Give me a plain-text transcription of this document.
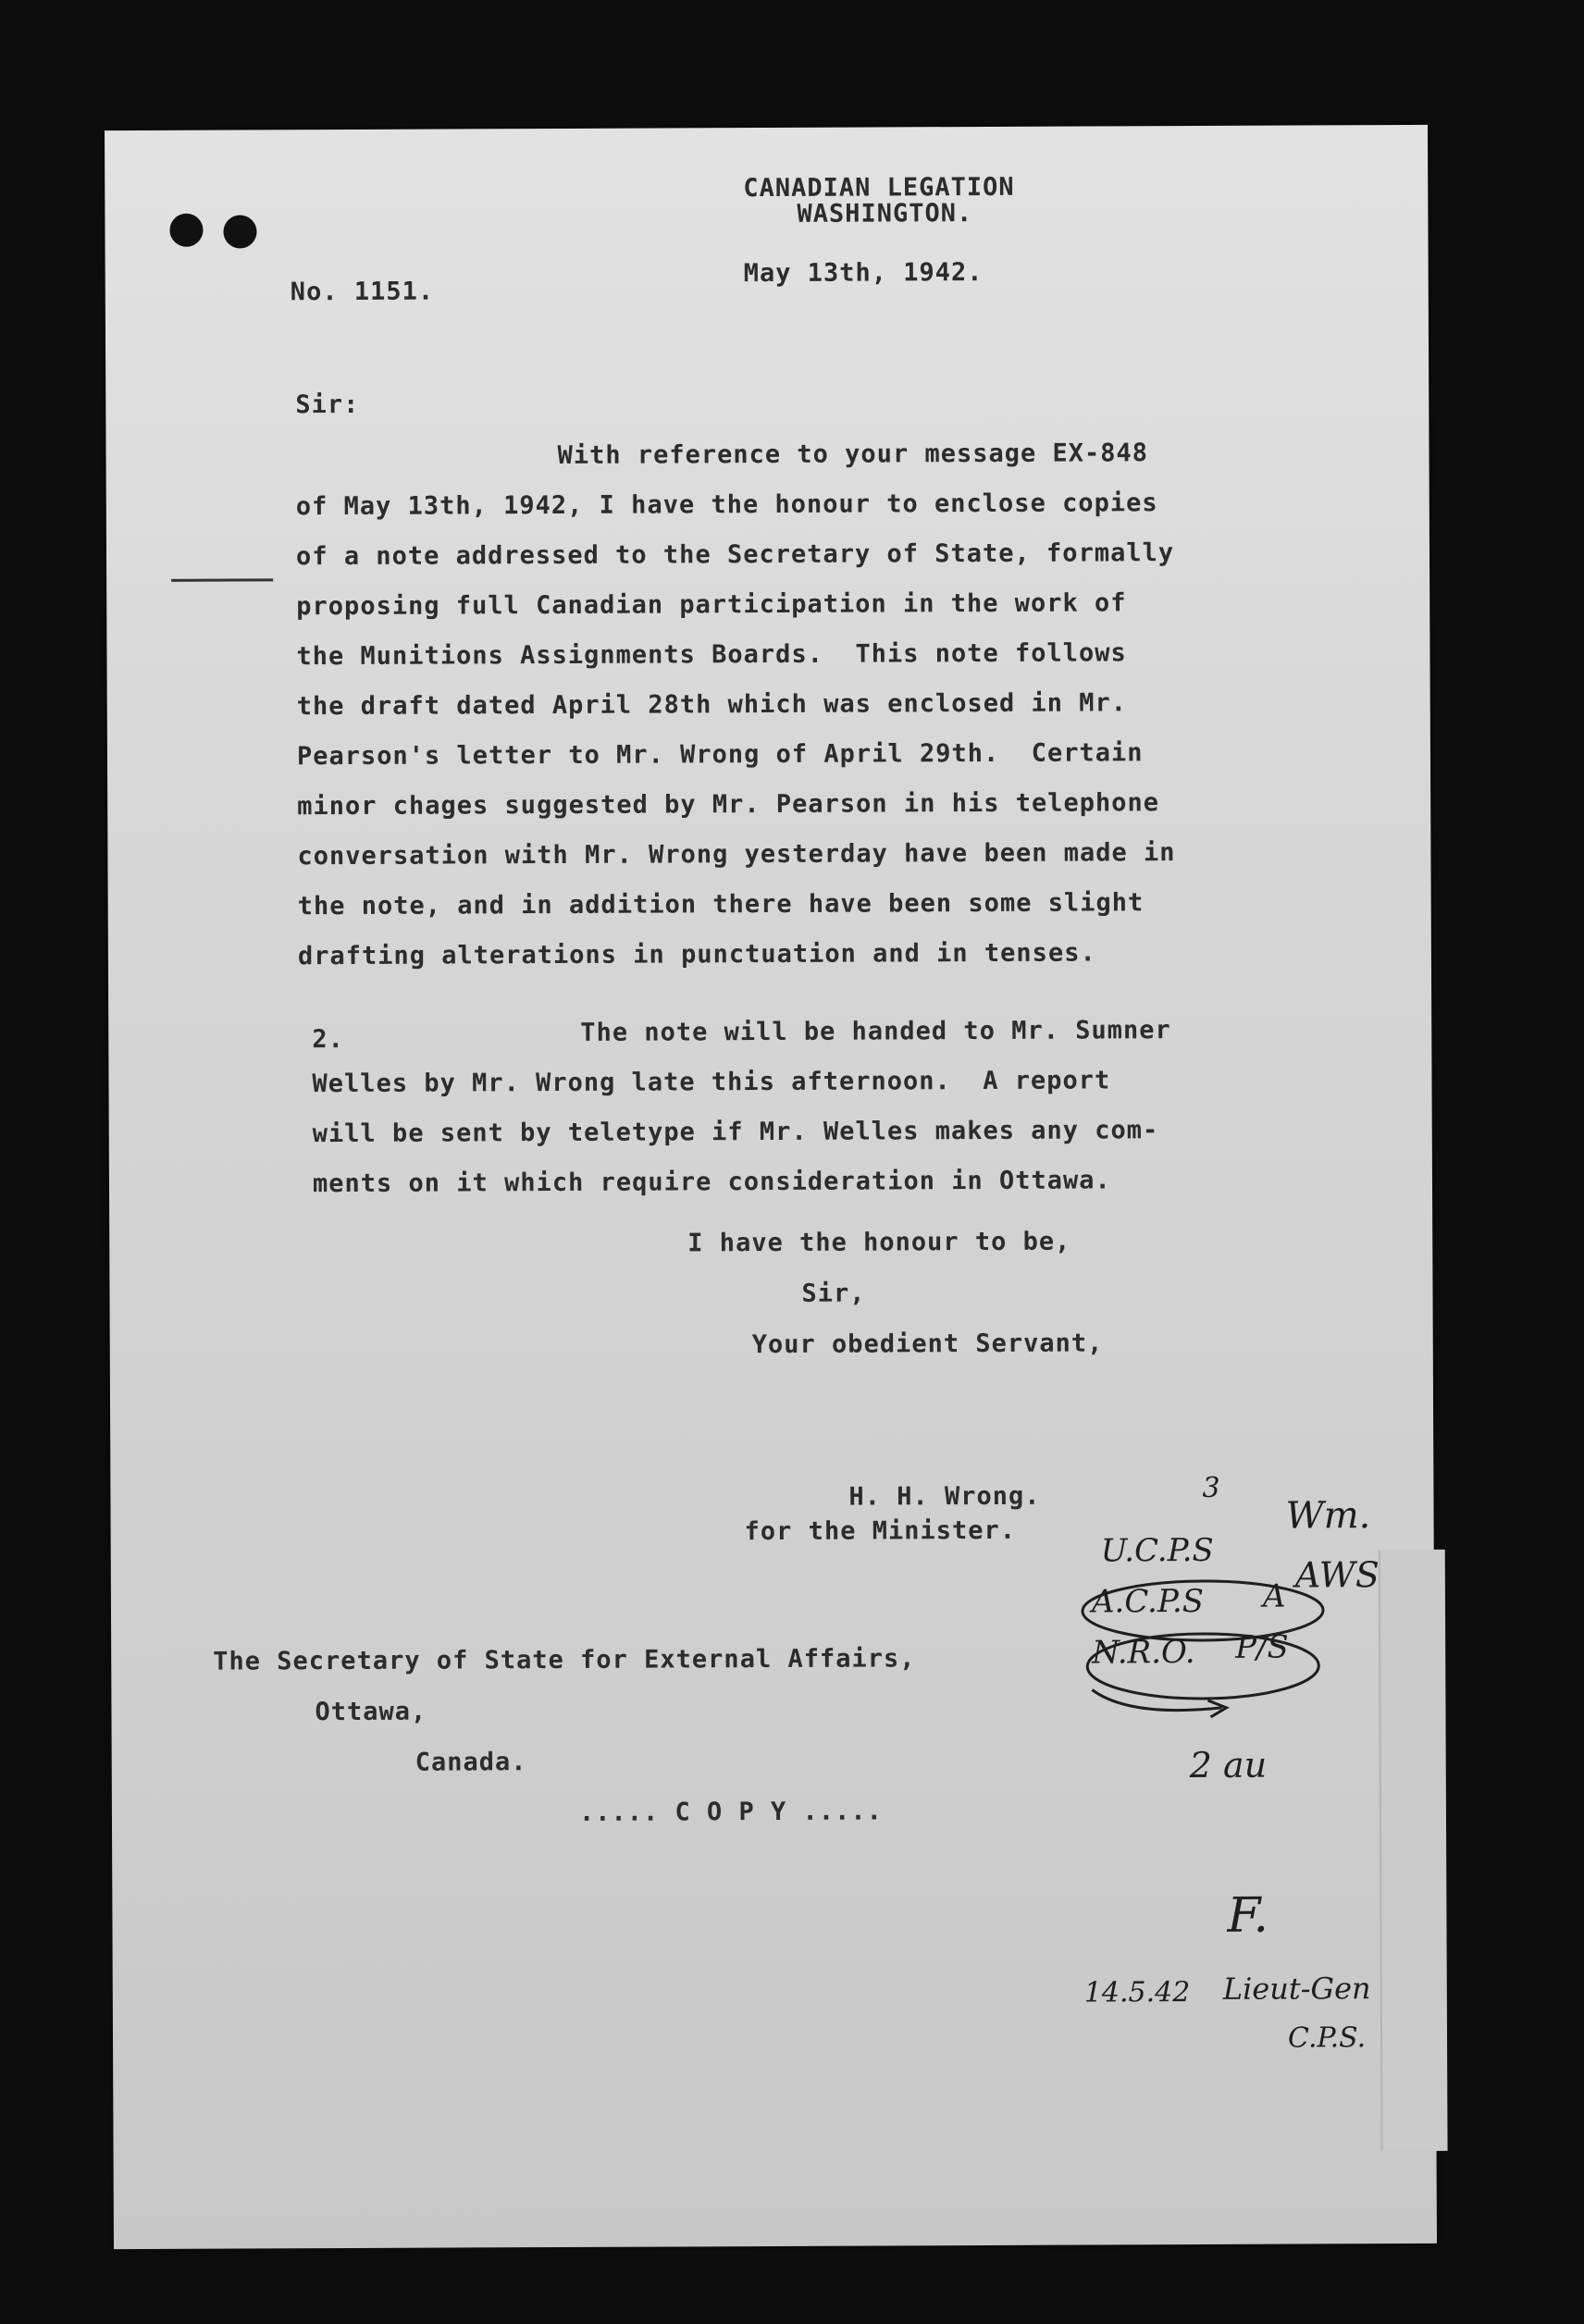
CANADIAN LEGATION
WASHINGTON.
No. 1151.
May 13th, 1942.
Sir:
With reference to your message EX-848
of May 13th, 1942, I have the honour to enclose copies
of a note addressed to the Secretary of State, formally
proposing full Canadian participation in the work of
the Munitions Assignments Boards.  This note follows
the draft dated April 28th which was enclosed in Mr.
Pearson's letter to Mr. Wrong of April 29th.  Certain
minor chages suggested by Mr. Pearson in his telephone
conversation with Mr. Wrong yesterday have been made in
the note, and in addition there have been some slight
drafting alterations in punctuation and in tenses.
2.	The note will be handed to Mr. Sumner
Welles by Mr. Wrong late this afternoon.  A report
will be sent by teletype if Mr. Welles makes any com-
ments on it which require consideration in Ottawa.
I have the honour to be,
Sir,
Your obedient Servant,
H. H. Wrong.
for the Minister.
The Secretary of State for External Affairs,
Ottawa,
Canada.
..... C O P Y .....
3
U.C.P.S
Wm.
A.C.P.S A
AWS
N.R.O. P/S
2 au
F.
14.5.42 Lieut-Gen
C.P.S.
